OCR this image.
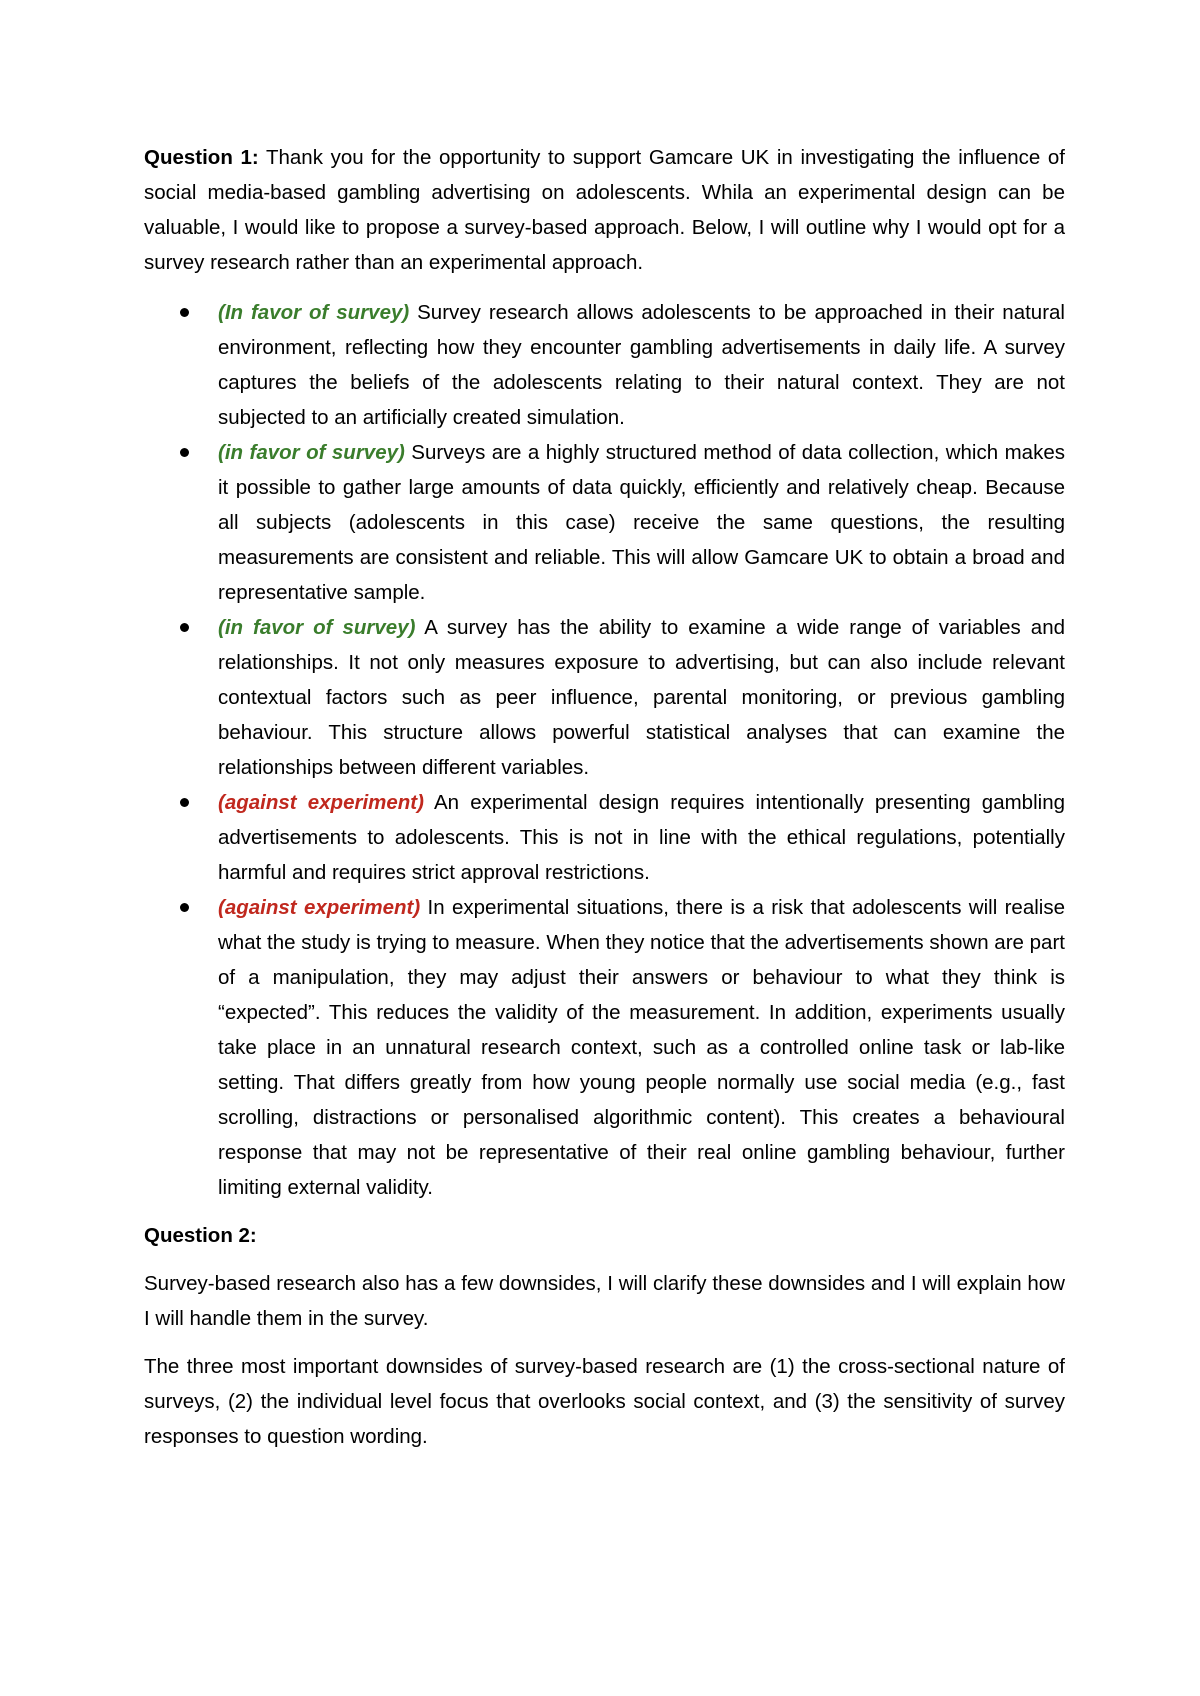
Question 1: Thank you for the opportunity to support Gamcare UK in investigating the influence of social media-based gambling advertising on adolescents. Whila an experimental design can be valuable, I would like to propose a survey-based approach. Below, I will outline why I would opt for a survey research rather than an experimental approach.

(In favor of survey) Survey research allows adolescents to be approached in their natural environment, reflecting how they encounter gambling advertisements in daily life. A survey captures the beliefs of the adolescents relating to their natural context. They are not subjected to an artificially created simulation.
(in favor of survey) Surveys are a highly structured method of data collection, which makes it possible to gather large amounts of data quickly, efficiently and relatively cheap. Because all subjects (adolescents in this case) receive the same questions, the resulting measurements are consistent and reliable. This will allow Gamcare UK to obtain a broad and representative sample.
(in favor of survey) A survey has the ability to examine a wide range of variables and relationships. It not only measures exposure to advertising, but can also include relevant contextual factors such as peer influence, parental monitoring, or previous gambling behaviour. This structure allows powerful statistical analyses that can examine the relationships between different variables.
(against experiment) An experimental design requires intentionally presenting gambling advertisements to adolescents. This is not in line with the ethical regulations, potentially harmful and requires strict approval restrictions.
(against experiment) In experimental situations, there is a risk that adolescents will realise what the study is trying to measure. When they notice that the advertisements shown are part of a manipulation, they may adjust their answers or behaviour to what they think is “expected”. This reduces the validity of the measurement. In addition, experiments usually take place in an unnatural research context, such as a controlled online task or lab-like setting. That differs greatly from how young people normally use social media (e.g., fast scrolling, distractions or personalised algorithmic content). This creates a behavioural response that may not be representative of their real online gambling behaviour, further limiting external validity.

Question 2:

Survey-based research also has a few downsides, I will clarify these downsides and I will explain how I will handle them in the survey.

The three most important downsides of survey-based research are (1) the cross-sectional nature of surveys, (2) the individual level focus that overlooks social context, and (3) the sensitivity of survey responses to question wording.
